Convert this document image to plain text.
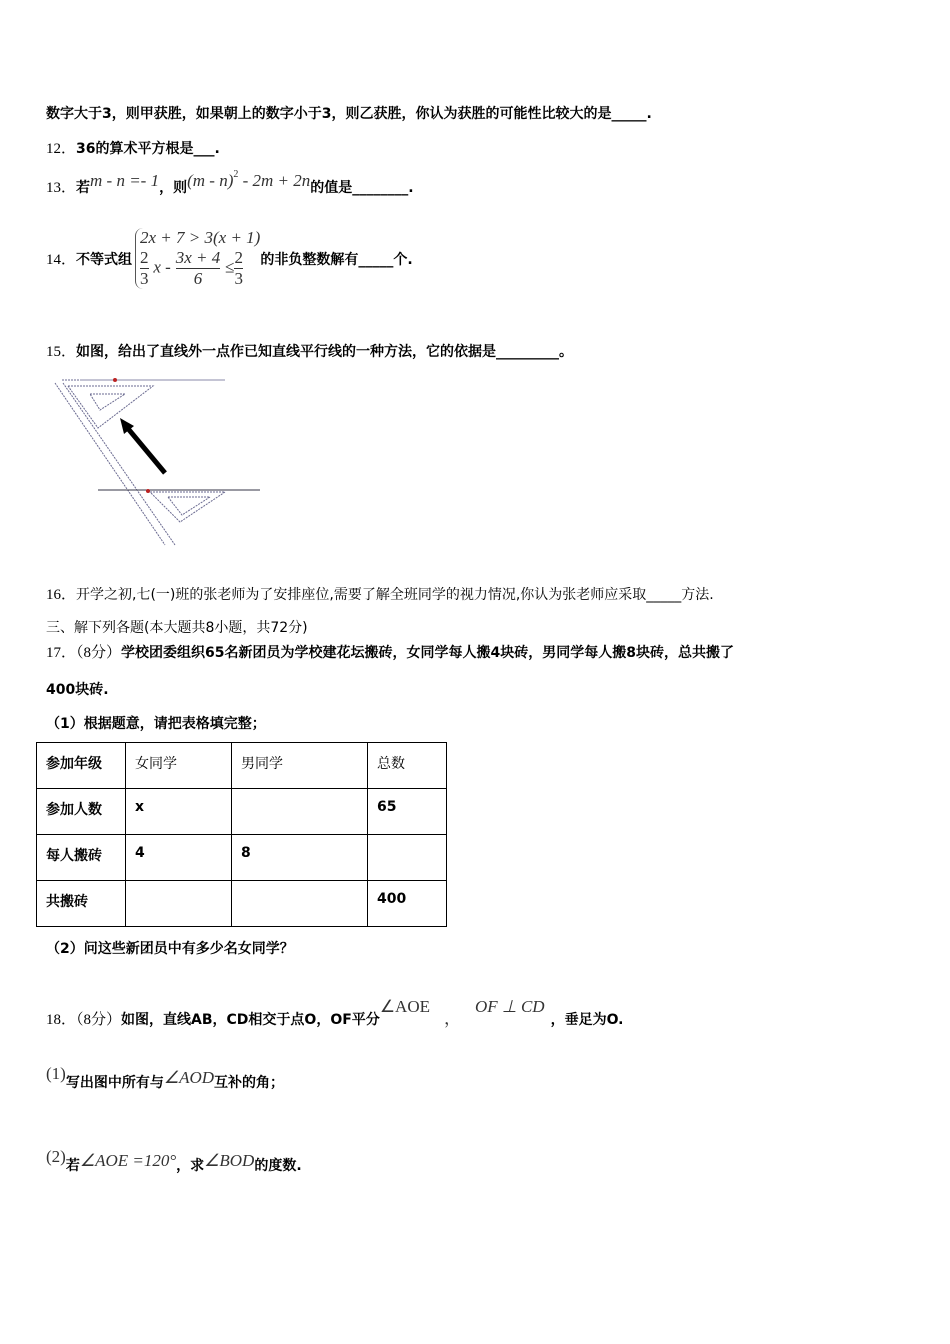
数字大于3，则甲获胜，如果朝上的数字小于3，则乙获胜，你认为获胜的可能性比较大的是_____.
12．36的算术平方根是___.
13．若m - n =- 1，则(m - n)$^2$ - 2m + 2n的值是________.
14． 不等式组
2x + 7 > 3(x + 1)
$\frac{2}{3}$ $x - \frac{3x + 4}{6} \le \frac{2}{3}$ 的非负整数解有_____个.
15．如图，给出了直线外一点作已知直线平行线的一种方法，它的依据是_________。
16．开学之初,七(一)班的张老师为了安排座位,需要了解全班同学的视力情况,你认为张老师应采取_____方法.
三、解下列各题(本大题共8小题，共72分)
17．（8分）学校团委组织65名新团员为学校建花坛搬砖，女同学每人搬4块砖，男同学每人搬8块砖，总共搬了
400块砖.
（1）根据题意，请把表格填完整；
参加年级	女同学	男同学	总数
参加人数	x		65
每人搬砖	4	8	
共搬砖			400
（2）问这些新团员中有多少名女同学？
18．（8分）如图，直线AB，CD相交于点O，OF平分∠AOE，OF ⊥ CD，垂足为O.
(1)写出图中所有与∠AOD互补的角；
(2)若∠AOE =120°，求∠BOD的度数.
